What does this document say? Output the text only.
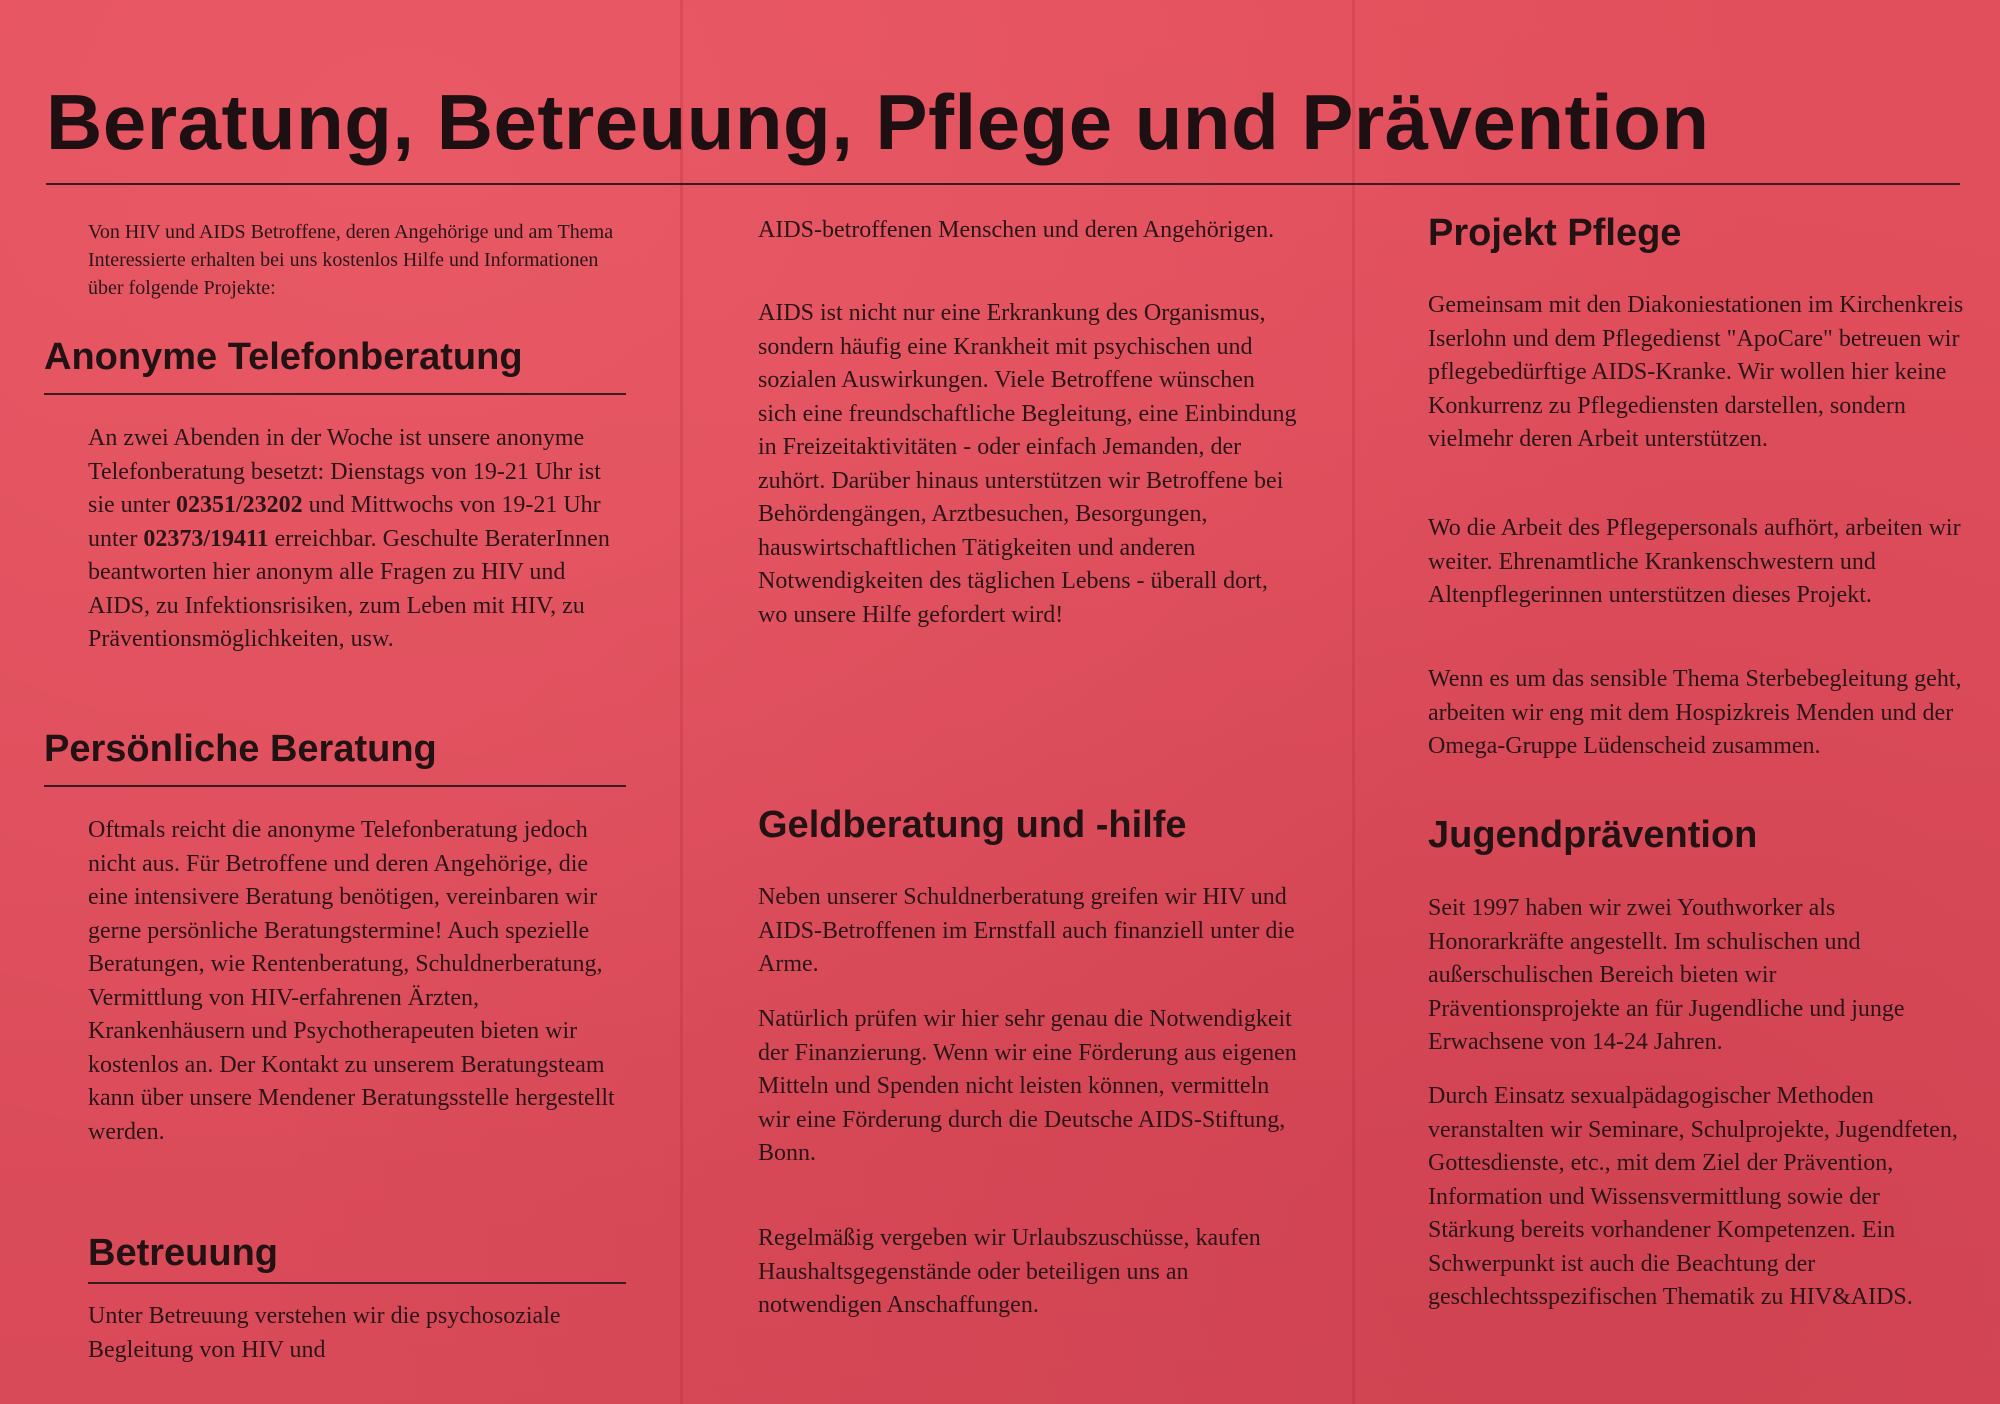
Beratung, Betreuung, Pflege und Prävention

Von HIV und AIDS Betroffene, deren Angehörige und am Thema Interessierte erhalten bei uns kostenlos Hilfe und Informationen über folgende Projekte:

Anonyme Telefonberatung

An zwei Abenden in der Woche ist unsere anonyme Telefonberatung besetzt: Dienstags von 19-21 Uhr ist sie unter 02351/23202 und Mittwochs von 19-21 Uhr unter 02373/19411 erreichbar. Geschulte BeraterInnen beantworten hier anonym alle Fragen zu HIV und AIDS, zu Infektionsrisiken, zum Leben mit HIV, zu Präventionsmöglichkeiten, usw.

Persönliche Beratung

Oftmals reicht die anonyme Telefonberatung jedoch nicht aus. Für Betroffene und deren Angehörige, die eine intensivere Beratung benötigen, vereinbaren wir gerne persönliche Beratungstermine! Auch spezielle Beratungen, wie Rentenberatung, Schuldnerberatung, Vermittlung von HIV-erfahrenen Ärzten, Krankenhäusern und Psychotherapeuten bieten wir kostenlos an. Der Kontakt zu unserem Beratungsteam kann über unsere Mendener Beratungsstelle hergestellt werden.

Betreuung

Unter Betreuung verstehen wir die psychosoziale Begleitung von HIV und

AIDS-betroffenen Menschen und deren Angehörigen.

AIDS ist nicht nur eine Erkrankung des Organismus, sondern häufig eine Krankheit mit psychischen und sozialen Auswirkungen. Viele Betroffene wünschen sich eine freundschaftliche Begleitung, eine Einbindung in Freizeitaktivitäten - oder einfach Jemanden, der zuhört. Darüber hinaus unterstützen wir Betroffene bei Behördengängen, Arztbesuchen, Besorgungen, hauswirtschaftlichen Tätigkeiten und anderen Notwendigkeiten des täglichen Lebens - überall dort, wo unsere Hilfe gefordert wird!

Geldberatung und -hilfe

Neben unserer Schuldnerberatung greifen wir HIV und AIDS-Betroffenen im Ernstfall auch finanziell unter die Arme.

Natürlich prüfen wir hier sehr genau die Notwendigkeit der Finanzierung. Wenn wir eine Förderung aus eigenen Mitteln und Spenden nicht leisten können, vermitteln wir eine Förderung durch die Deutsche AIDS-Stiftung, Bonn.

Regelmäßig vergeben wir Urlaubszuschüsse, kaufen Haushaltsgegenstände oder beteiligen uns an notwendigen Anschaffungen.

Projekt Pflege

Gemeinsam mit den Diakoniestationen im Kirchenkreis Iserlohn und dem Pflegedienst "ApoCare" betreuen wir pflegebedürftige AIDS-Kranke. Wir wollen hier keine Konkurrenz zu Pflegediensten darstellen, sondern vielmehr deren Arbeit unterstützen.

Wo die Arbeit des Pflegepersonals aufhört, arbeiten wir weiter. Ehrenamtliche Krankenschwestern und Altenpflegerinnen unterstützen dieses Projekt.

Wenn es um das sensible Thema Sterbebegleitung geht, arbeiten wir eng mit dem Hospizkreis Menden und der Omega-Gruppe Lüdenscheid zusammen.

Jugendprävention

Seit 1997 haben wir zwei Youthworker als Honorarkräfte angestellt. Im schulischen und außerschulischen Bereich bieten wir Präventionsprojekte an für Jugendliche und junge Erwachsene von 14-24 Jahren.

Durch Einsatz sexualpädagogischer Methoden veranstalten wir Seminare, Schulprojekte, Jugendfeten, Gottesdienste, etc., mit dem Ziel der Prävention, Information und Wissensvermittlung sowie der Stärkung bereits vorhandener Kompetenzen. Ein Schwerpunkt ist auch die Beachtung der geschlechtsspezifischen Thematik zu HIV&AIDS.
